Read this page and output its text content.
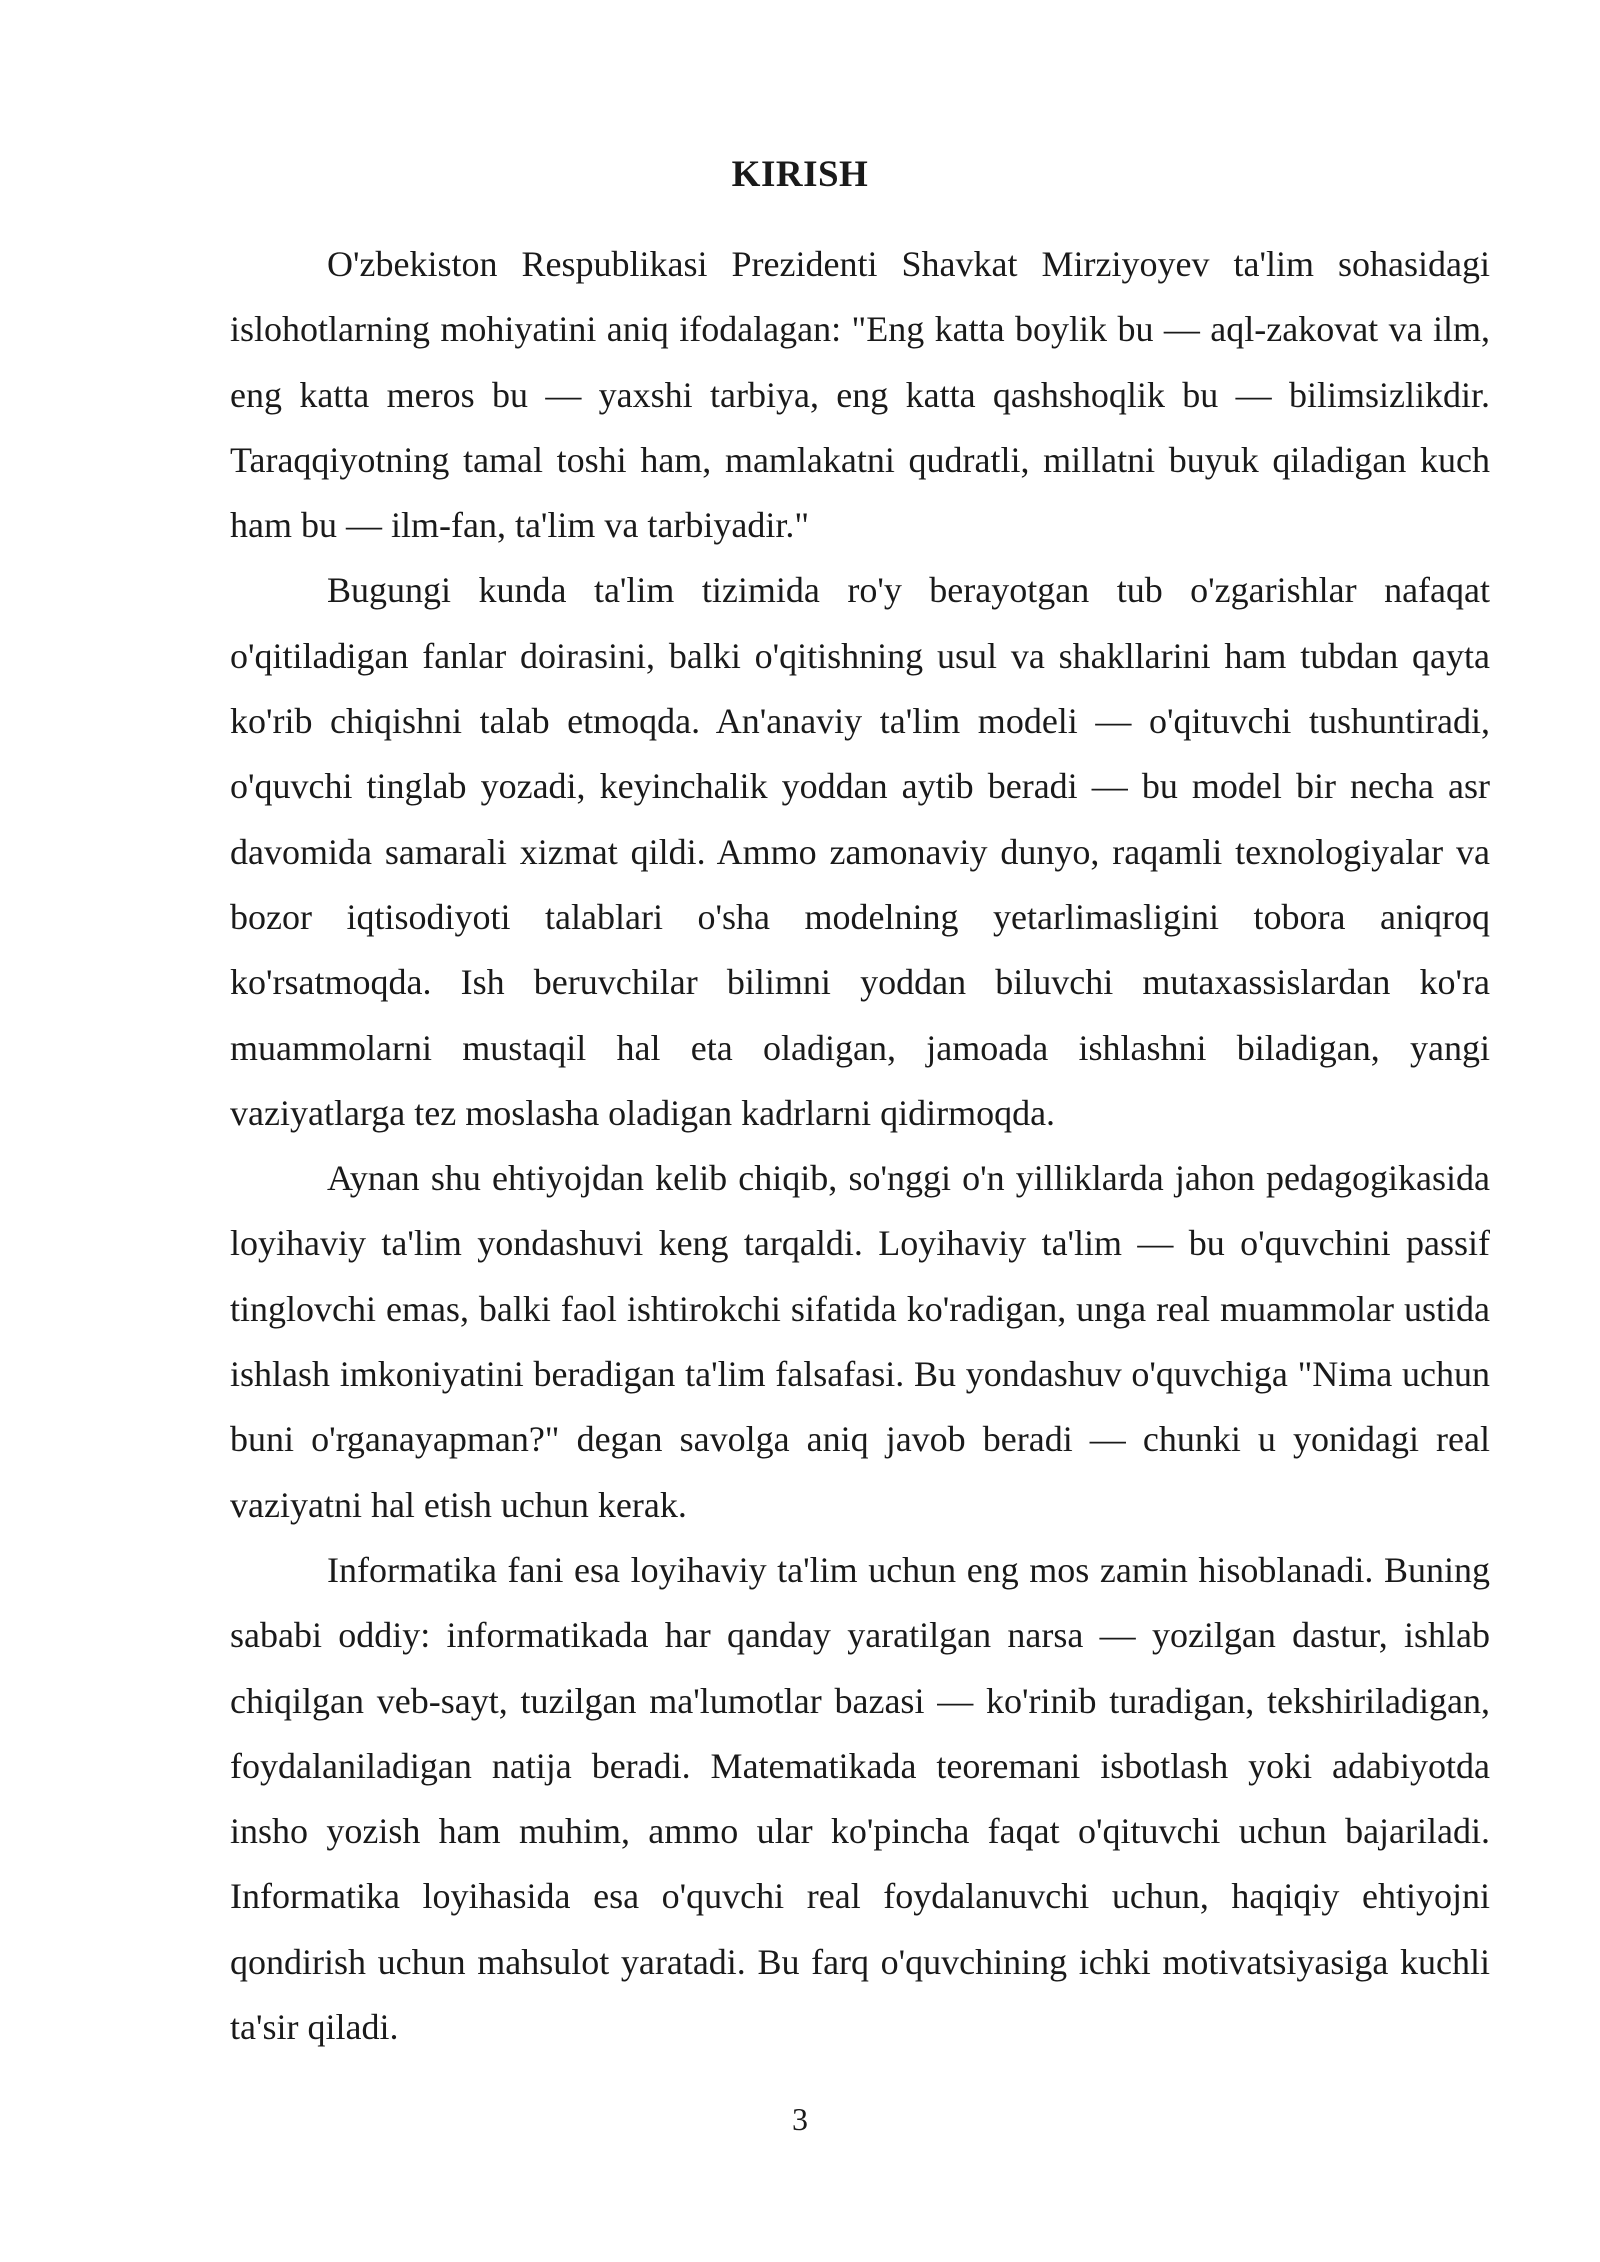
KIRISH

O'zbekiston Respublikasi Prezidenti Shavkat Mirziyoyev ta'lim sohasidagi islohotlarning mohiyatini aniq ifodalagan: "Eng katta boylik bu — aql-zakovat va ilm, eng katta meros bu — yaxshi tarbiya, eng katta qashshoqlik bu — bilimsizlikdir. Taraqqiyotning tamal toshi ham, mamlakatni qudratli, millatni buyuk qiladigan kuch ham bu — ilm-fan, ta'lim va tarbiyadir."

Bugungi kunda ta'lim tizimida ro'y berayotgan tub o'zgarishlar nafaqat o'qitiladigan fanlar doirasini, balki o'qitishning usul va shakllarini ham tubdan qayta ko'rib chiqishni talab etmoqda. An'anaviy ta'lim modeli — o'qituvchi tushuntiradi, o'quvchi tinglab yozadi, keyinchalik yoddan aytib beradi — bu model bir necha asr davomida samarali xizmat qildi. Ammo zamonaviy dunyo, raqamli texnologiyalar va bozor iqtisodiyoti talablari o'sha modelning yetarlimasligini tobora aniqroq ko'rsatmoqda. Ish beruvchilar bilimni yoddan biluvchi mutaxassislardan ko'ra muammolarni mustaqil hal eta oladigan, jamoada ishlashni biladigan, yangi vaziyatlarga tez moslasha oladigan kadrlarni qidirmoqda.

Aynan shu ehtiyojdan kelib chiqib, so'nggi o'n yilliklarda jahon pedagogikasida loyihaviy ta'lim yondashuvi keng tarqaldi. Loyihaviy ta'lim — bu o'quvchini passif tinglovchi emas, balki faol ishtirokchi sifatida ko'radigan, unga real muammolar ustida ishlash imkoniyatini beradigan ta'lim falsafasi. Bu yondashuv o'quvchiga "Nima uchun buni o'rganayapman?" degan savolga aniq javob beradi — chunki u yonidagi real vaziyatni hal etish uchun kerak.

Informatika fani esa loyihaviy ta'lim uchun eng mos zamin hisoblanadi. Buning sababi oddiy: informatikada har qanday yaratilgan narsa — yozilgan dastur, ishlab chiqilgan veb-sayt, tuzilgan ma'lumotlar bazasi — ko'rinib turadigan, tekshiriladigan, foydalaniladigan natija beradi. Matematikada teoremani isbotlash yoki adabiyotda insho yozish ham muhim, ammo ular ko'pincha faqat o'qituvchi uchun bajariladi. Informatika loyihasida esa o'quvchi real foydalanuvchi uchun, haqiqiy ehtiyojni qondirish uchun mahsulot yaratadi. Bu farq o'quvchining ichki motivatsiyasiga kuchli ta'sir qiladi.

3
